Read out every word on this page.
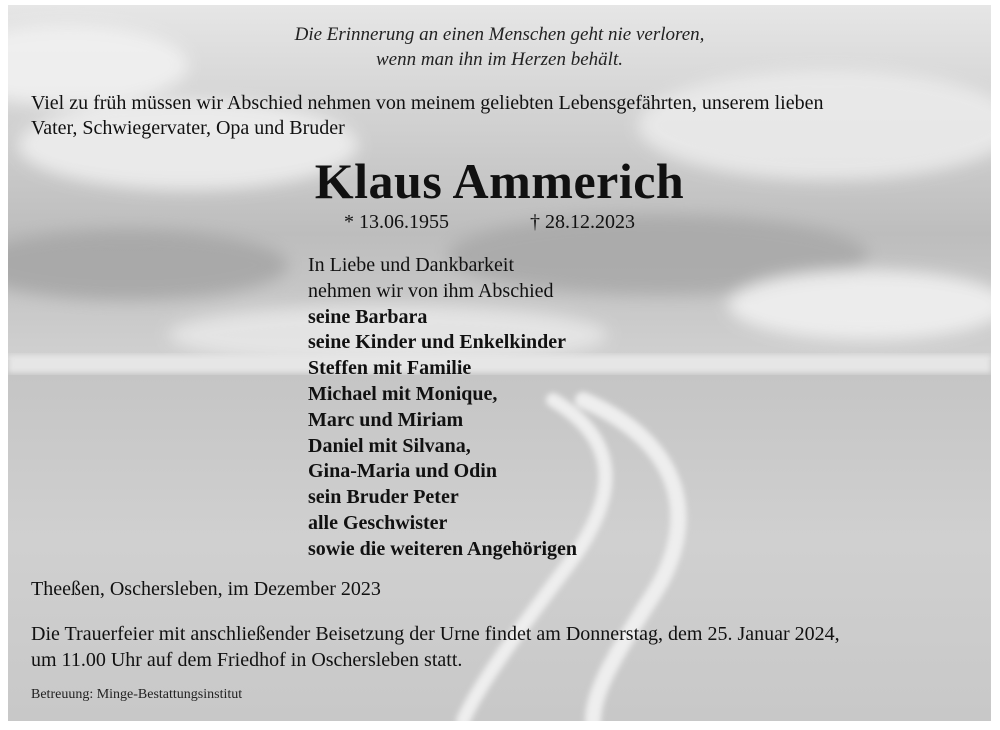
Die Erinnerung an einen Menschen geht nie verloren,
wenn man ihn im Herzen behält.
Viel zu früh müssen wir Abschied nehmen von meinem geliebten Lebensgefährten, unserem lieben
Vater, Schwiegervater, Opa und Bruder
Klaus Ammerich
* 13.06.1955	† 28.12.2023
In Liebe und Dankbarkeit
nehmen wir von ihm Abschied
seine Barbara
seine Kinder und Enkelkinder
Steffen mit Familie
Michael mit Monique,
Marc und Miriam
Daniel mit Silvana,
Gina-Maria und Odin
sein Bruder Peter
alle Geschwister
sowie die weiteren Angehörigen
Theeßen, Oschersleben, im Dezember 2023
Die Trauerfeier mit anschließender Beisetzung der Urne findet am Donnerstag, dem 25. Januar 2024,
um 11.00 Uhr auf dem Friedhof in Oschersleben statt.
Betreuung: Minge-Bestattungsinstitut
